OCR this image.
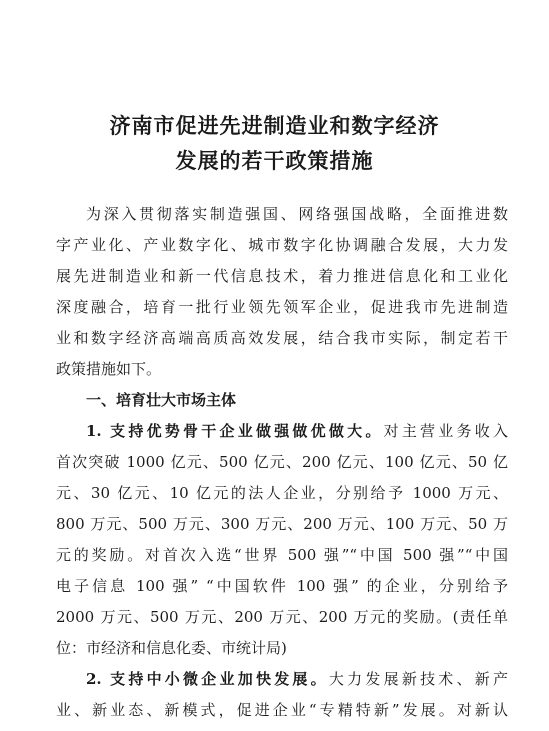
济南市促进先进制造业和数字经济
发展的若干政策措施
为深入贯彻落实制造强国、网络强国战略，全面推进数
字产业化、产业数字化、城市数字化协调融合发展，大力发
展先进制造业和新一代信息技术，着力推进信息化和工业化
深度融合，培育一批行业领先领军企业，促进我市先进制造
业和数字经济高端高质高效发展，结合我市实际，制定若干
政策措施如下。
一、培育壮大市场主体
1. 支持优势骨干企业做强做优做大。对主营业务收入
首次突破 1000 亿元、500 亿元、200 亿元、100 亿元、50 亿
元、30 亿元、10 亿元的法人企业，分别给予 1000 万元、
800 万元、500 万元、300 万元、200 万元、100 万元、50 万
元的奖励。对首次入选“世界 500 强”“中国 500 强”“中国
电子信息 100 强” “中国软件 100 强” 的企业，分别给予
2000 万元、500 万元、200 万元、200 万元的奖励。(责任单
位：市经济和信息化委、市统计局)
2. 支持中小微企业加快发展。大力发展新技术、新产
业、新业态、新模式，促进企业“专精特新”发展。对新认
